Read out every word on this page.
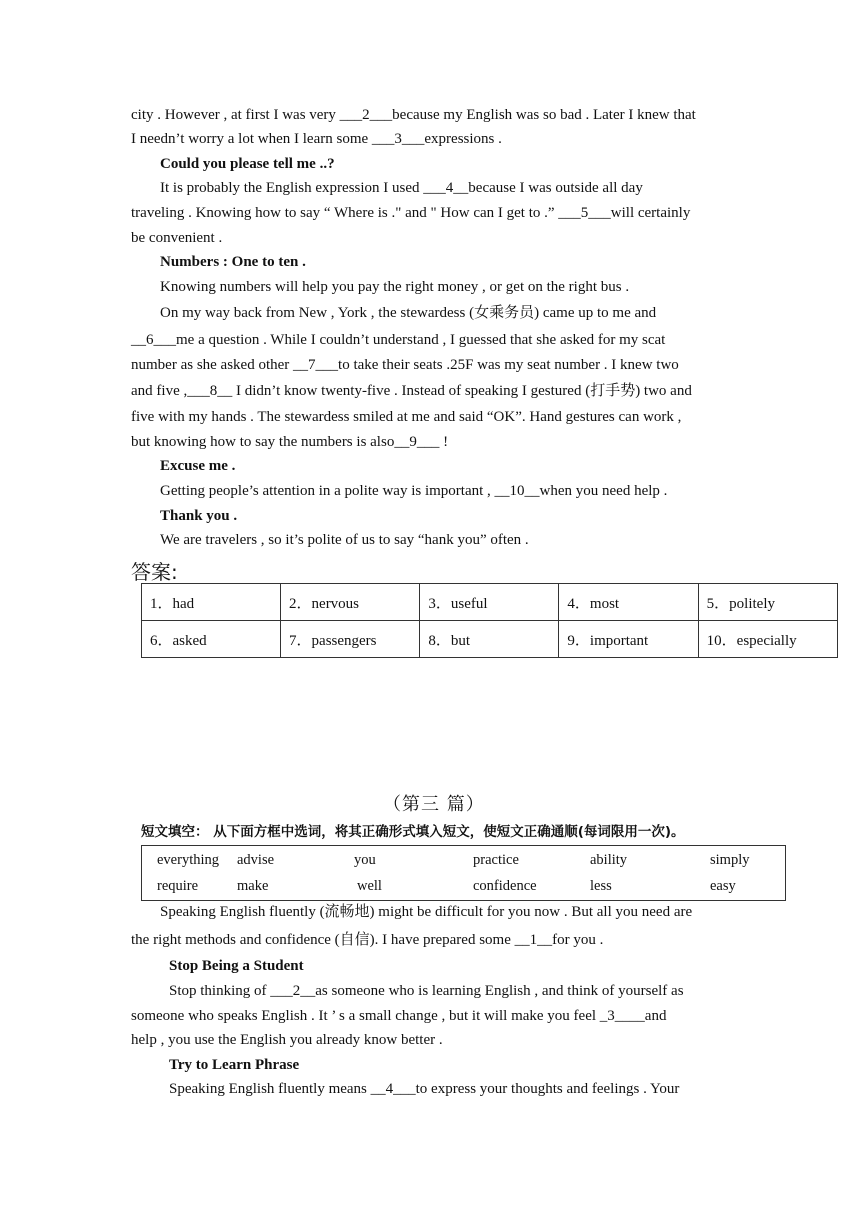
city . However , at first I was very ___2___because my English was so bad . Later I knew that
I needn’t worry a lot when I learn some ___3___expressions .
Could you please tell me ..?
It is probably the English expression I used ___4__because I was outside all day
traveling . Knowing how to say “ Where is ." and " How can I get to .” ___5___will certainly
be convenient .
Numbers : One to ten .
Knowing numbers will help you pay the right money , or get on the right bus .
On my way back from New , York , the stewardess (女乘务员) came up to me and
__6___me a question . While I couldn’t understand , I guessed that she asked for my scat
number as she asked other __7___to take their seats .25F was my seat number . I knew two
and five ,___8__ I didn’t know twenty-five . Instead of speaking I gestured (打手势) two and
five with my hands . The stewardess smiled at me and said “OK”. Hand gestures can work ,
but knowing how to say the numbers is also__9___ !
Excuse me .
Getting people’s attention in a polite way is important , __10__when you need help .
Thank you .
We are travelers , so it’s polite of us to say “hank you” often .
答案:
1．had	2．nervous	3．useful	4．most	5．politely
6．asked	7．passengers	8．but	9．important	10．especially
（第三 篇）
短文填空： 从下面方框中选词，将其正确形式填入短文，使短文正确通顺(每词限用一次)。
everything advise	you	practice	ability	simply
require	make	well	confidence	less	easy
Speaking English fluently (流畅地) might be difficult for you now . But all you need are
the right methods and confidence (自信). I have prepared some __1__for you .
Stop Being a Student
Stop thinking of ___2__as someone who is learning English , and think of yourself as
someone who speaks English . It ’ s a small change , but it will make you feel _3____and
help , you use the English you already know better .
Try to Learn Phrase
Speaking English fluently means __4___to express your thoughts and feelings . Your
